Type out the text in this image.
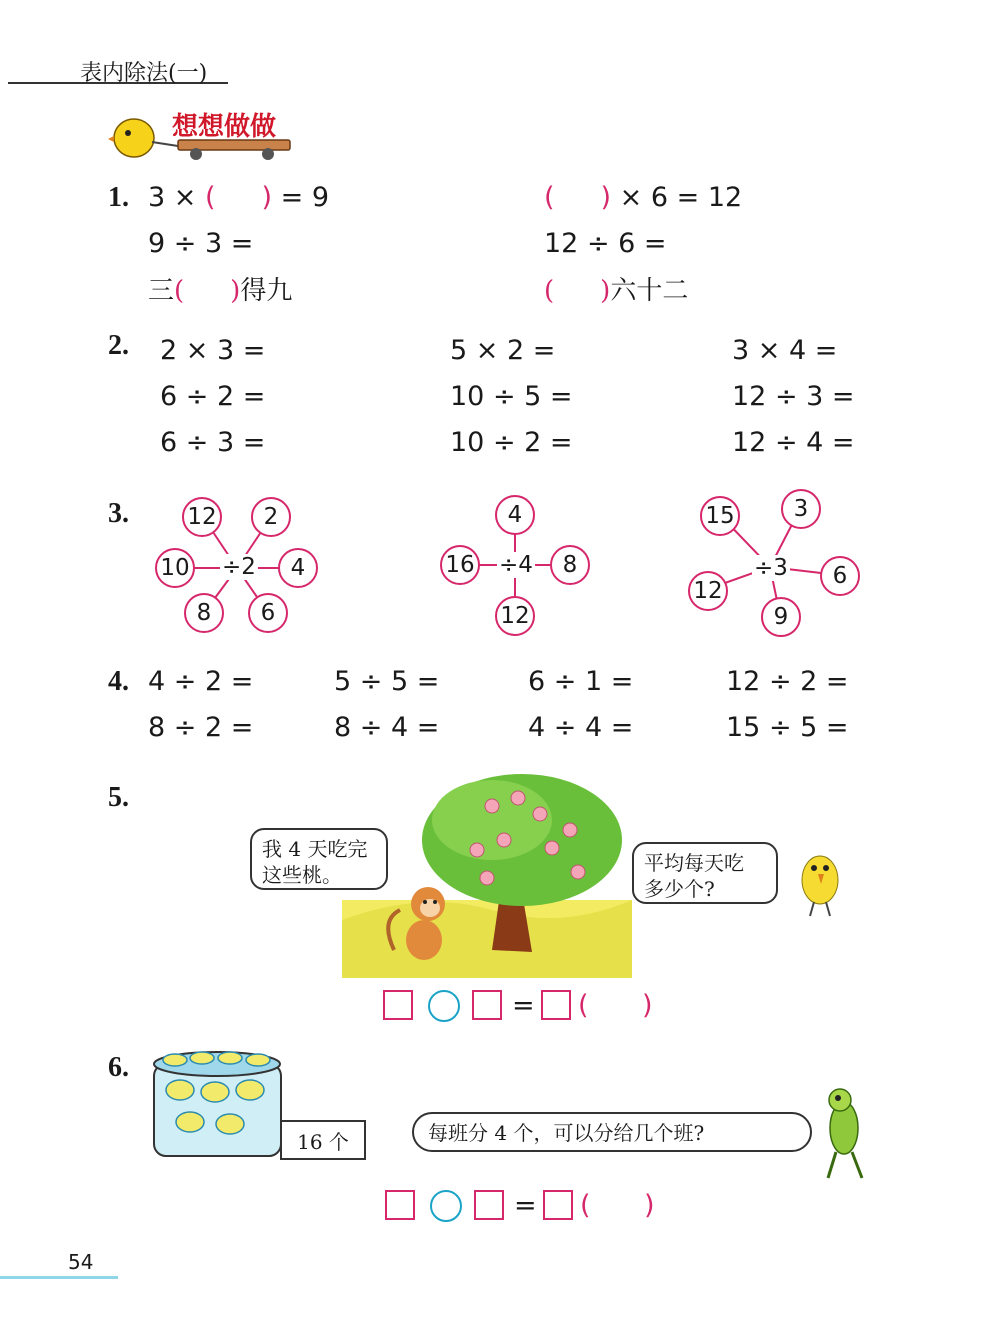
表内除法(一)
想想做做
1. 3 × ( ) = 9	( ) × 6 = 12
9 ÷ 3 =	12 ÷ 6 =
三( )得九	( )六十二
2. 2 × 3 =	5 × 2 =	3 × 4 =
6 ÷ 2 =	10 ÷ 5 =	12 ÷ 3 =
6 ÷ 3 =	10 ÷ 2 =	12 ÷ 4 =
3.
÷2
12	2
4
6
8
10	÷4
4
8
12
16	÷3
15	3
6
9
12
4. 4 ÷ 2 =	5 ÷ 5 =	6 ÷ 1 =	12 ÷ 2 =
8 ÷ 2 =	8 ÷ 4 =	4 ÷ 4 =	15 ÷ 5 =
5.
我 4 天吃完
这些桃。	平均每天吃
多少个?
= ( )
6.
16 个	每班分 4 个，可以分给几个班?
= ( )
54
